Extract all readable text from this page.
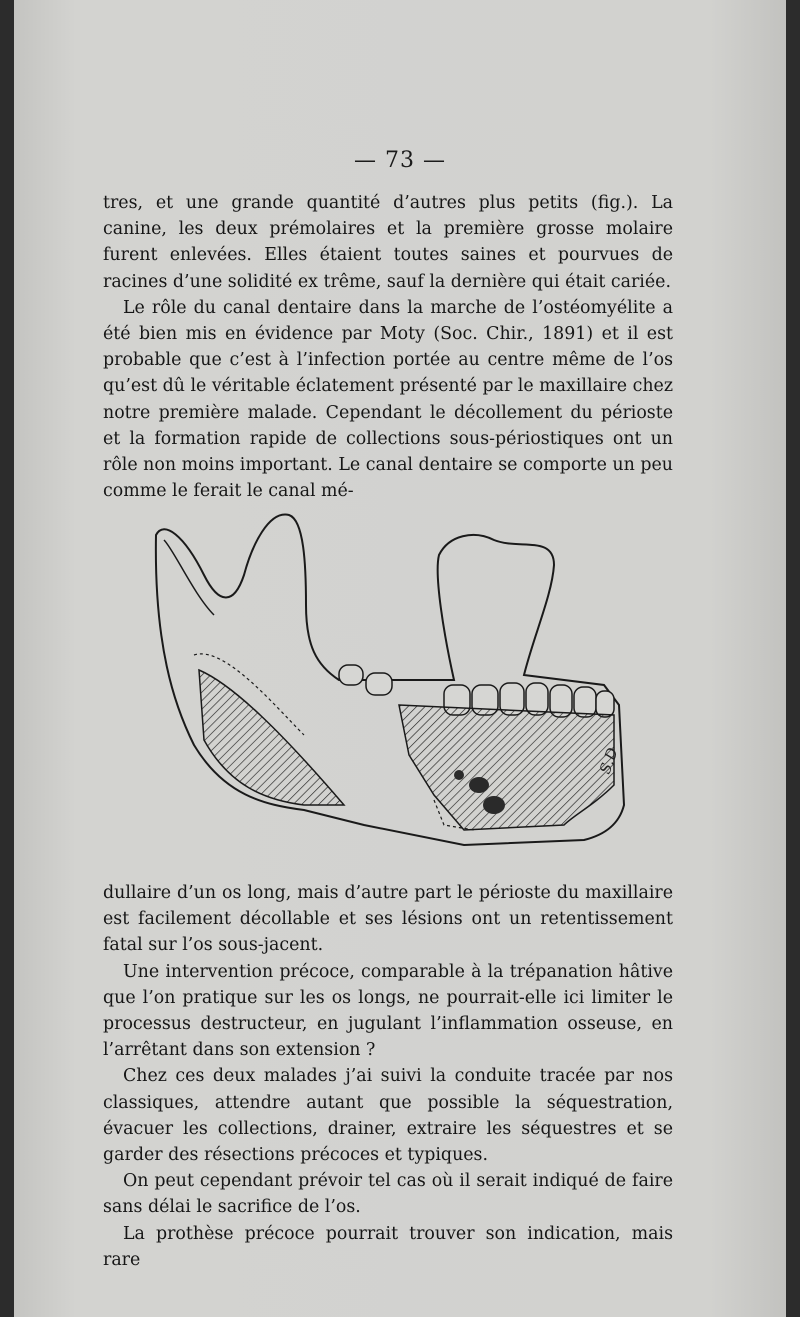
— 73 —

tres, et une grande quantité d’autres plus petits (fig.). La canine, les deux prémolaires et la première grosse molaire furent enlevées. Elles étaient toutes saines et pourvues de racines d’une solidité ex trême, sauf la dernière qui était cariée.

Le rôle du canal dentaire dans la marche de l’ostéomyélite a été bien mis en évidence par Moty (Soc. Chir., 1891) et il est probable que c’est à l’infection portée au centre même de l’os qu’est dû le véritable éclatement présenté par le maxillaire chez notre première malade. Cependant le décollement du périoste et la formation rapide de collections sous-périostiques ont un rôle non moins important. Le canal dentaire se comporte un peu comme le ferait le canal mé-

S.D

dullaire d’un os long, mais d’autre part le périoste du maxillaire est facilement décollable et ses lésions ont un retentissement fatal sur l’os sous-jacent.

Une intervention précoce, comparable à la trépanation hâtive que l’on pratique sur les os longs, ne pourrait-elle ici limiter le processus destructeur, en jugulant l’inflammation osseuse, en l’arrêtant dans son extension ?

Chez ces deux malades j’ai suivi la conduite tracée par nos classiques, attendre autant que possible la séquestration, évacuer les collections, drainer, extraire les séquestres et se garder des résections précoces et typiques.

On peut cependant prévoir tel cas où il serait indiqué de faire sans délai le sacrifice de l’os.

La prothèse précoce pourrait trouver son indication, mais rare
